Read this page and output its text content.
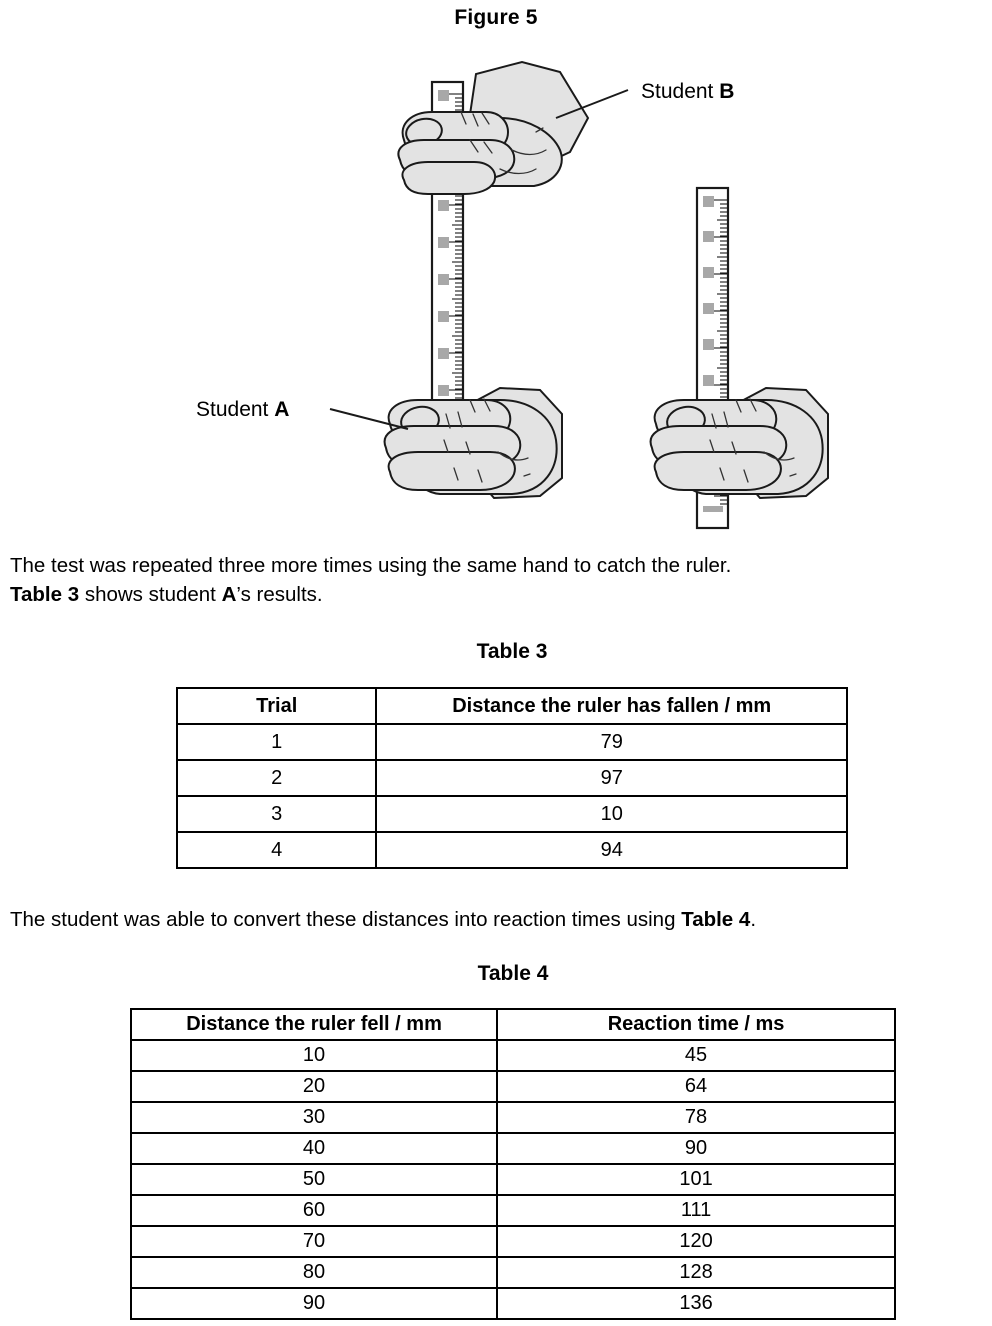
Figure 5
Student B
Student A
The test was repeated three more times using the same hand to catch the ruler.
Table 3 shows student A’s results.
Table 3
Trial	Distance the ruler has fallen / mm
1	79
2	97
3	10
4	94
The student was able to convert these distances into reaction times using Table 4.
Table 4
Distance the ruler fell / mm	Reaction time / ms
10	45
20	64
30	78
40	90
50	101
60	111
70	120
80	128
90	136
